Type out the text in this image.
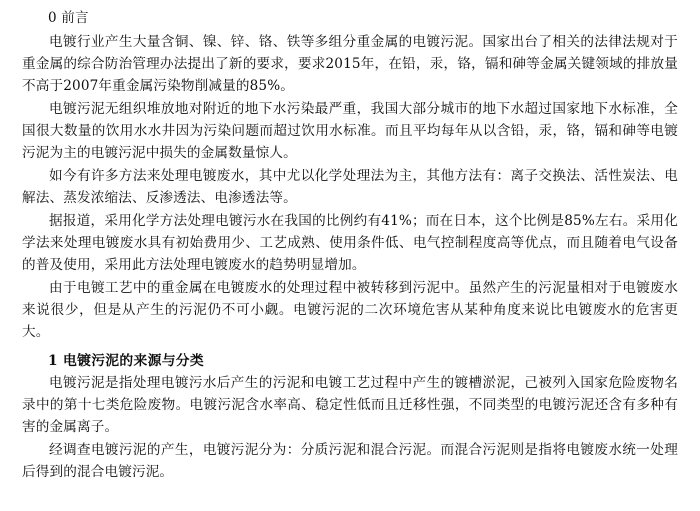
0 前言

电镀行业产生大量含铜、镍、锌、铬、铁等多组分重金属的电镀污泥。国家出台了相关的法律法规对于重金属的综合防治管理办法提出了新的要求，要求2015年，在铅，汞，铬，镉和砷等金属关键领域的排放量不高于2007年重金属污染物削减量的85%。

电镀污泥无组织堆放地对附近的地下水污染最严重，我国大部分城市的地下水超过国家地下水标准，全国很大数量的饮用水水井因为污染问题而超过饮用水标准。而且平均每年从以含铅，汞，铬，镉和砷等电镀污泥为主的电镀污泥中损失的金属数量惊人。

如今有许多方法来处理电镀废水，其中尤以化学处理法为主，其他方法有：离子交换法、活性炭法、电解法、蒸发浓缩法、反渗透法、电渗透法等。

据报道，采用化学方法处理电镀污水在我国的比例约有41%；而在日本，这个比例是85%左右。采用化学法来处理电镀废水具有初始费用少、工艺成熟、使用条件低、电气控制程度高等优点，而且随着电气设备的普及使用，采用此方法处理电镀废水的趋势明显增加。

由于电镀工艺中的重金属在电镀废水的处理过程中被转移到污泥中。虽然产生的污泥量相对于电镀废水来说很少，但是从产生的污泥仍不可小觑。电镀污泥的二次环境危害从某种角度来说比电镀废水的危害更大。

1 电镀污泥的来源与分类

电镀污泥是指处理电镀污水后产生的污泥和电镀工艺过程中产生的镀槽淤泥，己被列入国家危险废物名录中的第十七类危险废物。电镀污泥含水率高、稳定性低而且迁移性强，不同类型的电镀污泥还含有多种有害的金属离子。

经调查电镀污泥的产生，电镀污泥分为：分质污泥和混合污泥。而混合污泥则是指将电镀废水统一处理后得到的混合电镀污泥。
